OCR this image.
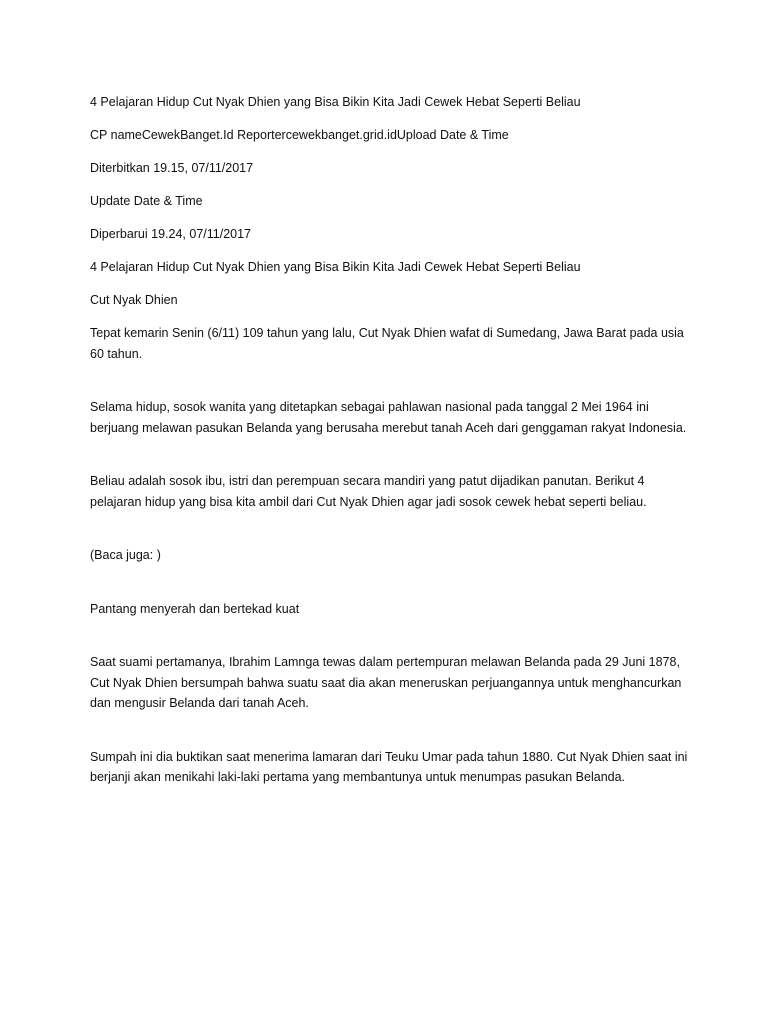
4 Pelajaran Hidup Cut Nyak Dhien yang Bisa Bikin Kita Jadi Cewek Hebat Seperti Beliau

CP nameCewekBanget.Id Reportercewekbanget.grid.idUpload Date & Time

Diterbitkan 19.15, 07/11/2017

Update Date & Time

Diperbarui 19.24, 07/11/2017

4 Pelajaran Hidup Cut Nyak Dhien yang Bisa Bikin Kita Jadi Cewek Hebat Seperti Beliau

Cut Nyak Dhien

Tepat kemarin Senin (6/11) 109 tahun yang lalu, Cut Nyak Dhien wafat di Sumedang, Jawa Barat pada usia 60 tahun.

Selama hidup, sosok wanita yang ditetapkan sebagai pahlawan nasional pada tanggal 2 Mei 1964 ini berjuang melawan pasukan Belanda yang berusaha merebut tanah Aceh dari genggaman rakyat Indonesia.

Beliau adalah sosok ibu, istri dan perempuan secara mandiri yang patut dijadikan panutan. Berikut 4 pelajaran hidup yang bisa kita ambil dari Cut Nyak Dhien agar jadi sosok cewek hebat seperti beliau.

(Baca juga: )

Pantang menyerah dan bertekad kuat

Saat suami pertamanya, Ibrahim Lamnga tewas dalam pertempuran melawan Belanda pada 29 Juni 1878, Cut Nyak Dhien bersumpah bahwa suatu saat dia akan meneruskan perjuangannya untuk menghancurkan dan mengusir Belanda dari tanah Aceh.

Sumpah ini dia buktikan saat menerima lamaran dari Teuku Umar pada tahun 1880. Cut Nyak Dhien saat ini berjanji akan menikahi laki-laki pertama yang membantunya untuk menumpas pasukan Belanda.
